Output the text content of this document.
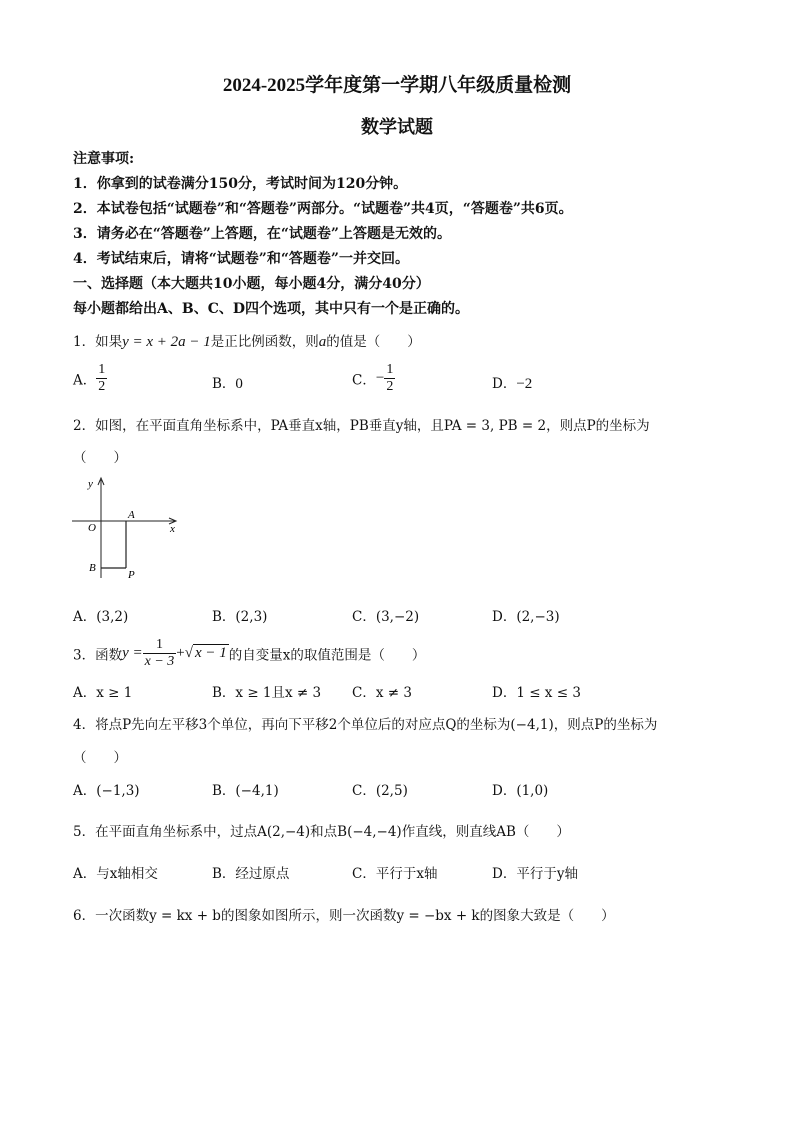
2024-2025学年度第一学期八年级质量检测
数学试题
注意事项:
1．你拿到的试卷满分150分，考试时间为120分钟。
2．本试卷包括“试题卷”和“答题卷”两部分。“试题卷”共4页，“答题卷”共6页。
3．请务必在“答题卷”上答题，在“试题卷”上答题是无效的。
4．考试结束后，请将“试题卷”和“答题卷”一并交回。
一、选择题（本大题共10小题，每小题4分，满分40分）
每小题都给出A、B、C、D四个选项，其中只有一个是正确的。
1．如果y = x + 2a − 1是正比例函数，则a的值是（　　）
A． $\frac{1}{2}$	B．0	C．− $\frac{1}{2}$	D．−2
2．如图，在平面直角坐标系中，PA垂直x轴，PB垂直y轴，且PA = 3, PB = 2，则点P的坐标为
（　　）
y
x
O
A
B
P
A．(3,2)	B．(2,3)	C．(3,−2)	D．(2,−3)
3．函数$y = \frac{1}{x - 3}$ +√ x − 1 的自变量x的取值范围是（　　）
A．x ≥ 1	B．x ≥ 1且x ≠ 3 C．x ≠ 3	D．1 ≤ x ≤ 3
4．将点P先向左平移3个单位，再向下平移2个单位后的对应点Q的坐标为(−4,1)，则点P的坐标为
（　　）
A．(−1,3)	B．(−4,1)	C．(2,5)	D．(1,0)
5．在平面直角坐标系中，过点A(2,−4)和点B(−4,−4)作直线，则直线AB（　　）
A．与x轴相交	B．经过原点	C．平行于x轴	D．平行于y轴
6．一次函数y = kx + b的图象如图所示，则一次函数y = −bx + k的图象大致是（　　）
